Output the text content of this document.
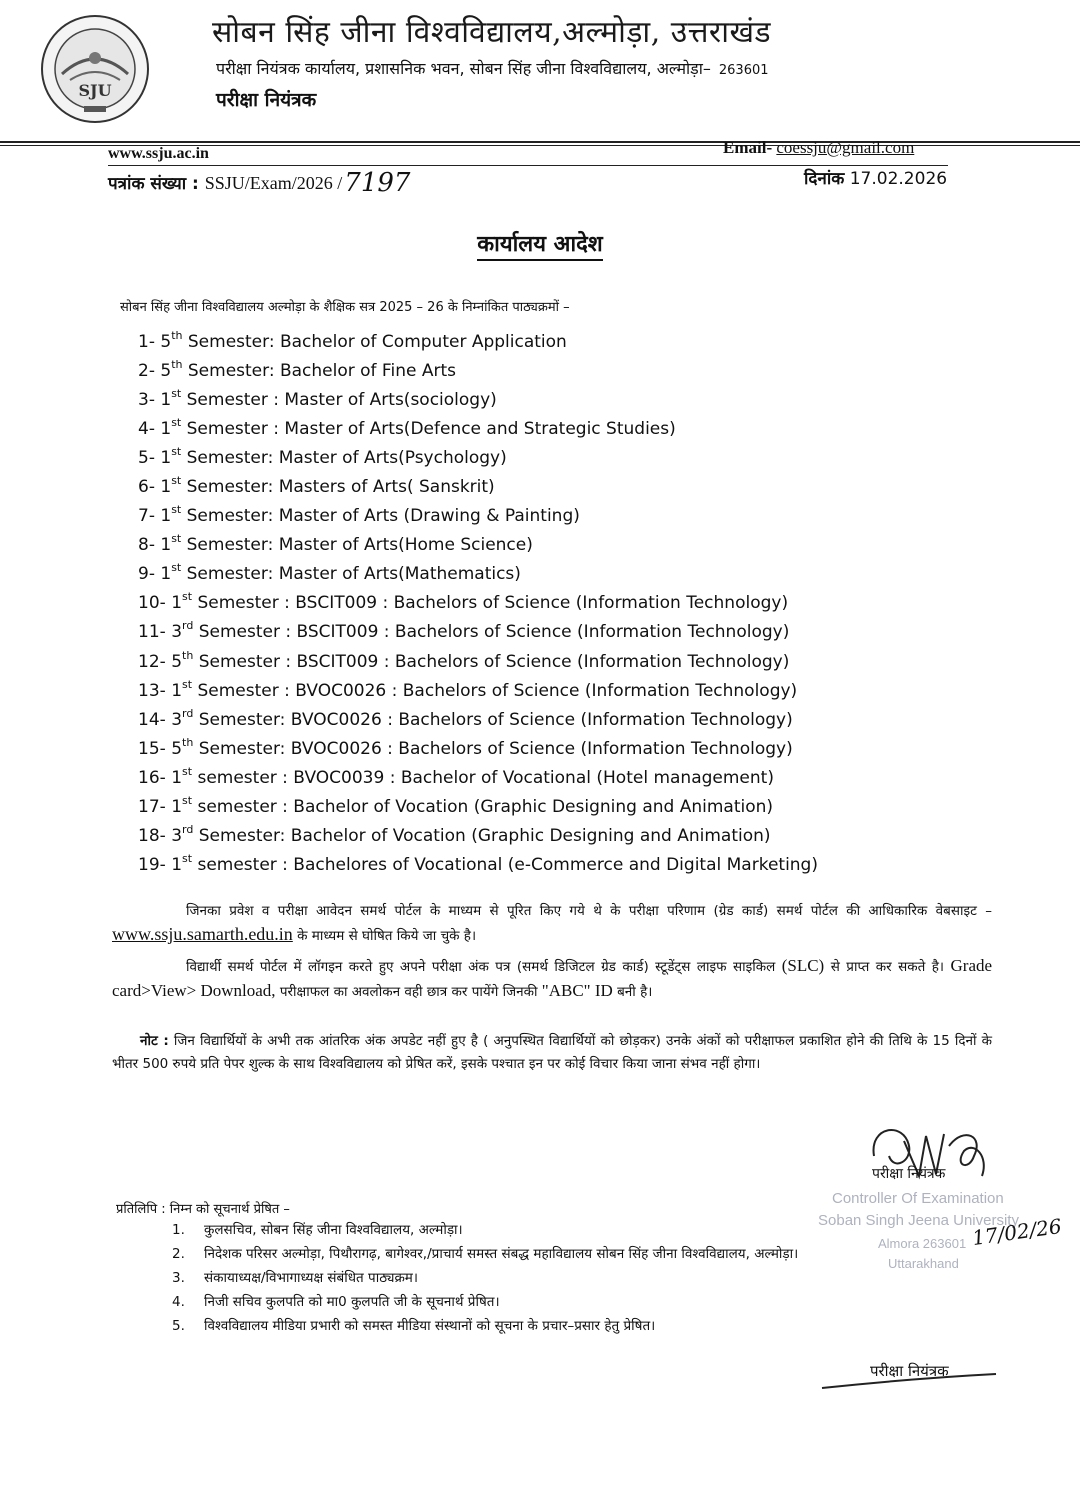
SJU
सोबन सिंह जीना विश्वविद्यालय,अल्मोड़ा, उत्तराखंड
परीक्षा नियंत्रक कार्यालय, प्रशासनिक भवन, सोबन सिंह जीना विश्वविद्यालय, अल्मोड़ा– 263601
परीक्षा नियंत्रक
www.ssju.ac.in	Email- coessju@gmail.com
पत्रांक संख्या : SSJU/Exam/2026 /7197	दिनांक 17.02.2026
कार्यालय आदेश
सोबन सिंह जीना विश्वविद्यालय अल्मोड़ा के शैक्षिक सत्र 2025 – 26 के निम्नांकित पाठ्यक्रमों –
1- 5th Semester: Bachelor of Computer Application
2- 5th Semester: Bachelor of Fine Arts
3- 1st Semester : Master of Arts(sociology)
4- 1st Semester : Master of Arts(Defence and Strategic Studies)
5- 1st Semester: Master of Arts(Psychology)
6- 1st Semester: Masters of Arts( Sanskrit)
7- 1st Semester: Master of Arts (Drawing & Painting)
8- 1st Semester: Master of Arts(Home Science)
9- 1st Semester: Master of Arts(Mathematics)
10- 1st Semester : BSCIT009 : Bachelors of Science (Information Technology)
11- 3rd Semester : BSCIT009 : Bachelors of Science (Information Technology)
12- 5th Semester : BSCIT009 : Bachelors of Science (Information Technology)
13- 1st Semester : BVOC0026 : Bachelors of Science (Information Technology)
14- 3rd Semester: BVOC0026 : Bachelors of Science (Information Technology)
15- 5th Semester: BVOC0026 : Bachelors of Science (Information Technology)
16- 1st semester : BVOC0039 : Bachelor of Vocational (Hotel management)
17- 1st semester : Bachelor of Vocation (Graphic Designing and Animation)
18- 3rd Semester: Bachelor of Vocation (Graphic Designing and Animation)
19- 1st semester : Bachelores of Vocational (e-Commerce and Digital Marketing)
जिनका प्रवेश व परीक्षा आवेदन समर्थ पोर्टल के माध्यम से पूरित किए गये थे के परीक्षा परिणाम (ग्रेड कार्ड) समर्थ पोर्टल की आधिकारिक वेबसाइट – www.ssju.samarth.edu.in के माध्यम से घोषित किये जा चुके है।
विद्यार्थी समर्थ पोर्टल में लॉगइन करते हुए अपने परीक्षा अंक पत्र (समर्थ डिजिटल ग्रेड कार्ड) स्टूडेंट्स लाइफ साइकिल (SLC) से प्राप्त कर सकते है। Grade card>View> Download, परीक्षाफल का अवलोकन वही छात्र कर पायेंगे जिनकी "ABC" ID बनी है।
नोट : जिन विद्यार्थियों के अभी तक आंतरिक अंक अपडेट नहीं हुए है ( अनुपस्थित विद्यार्थियों को छोड़कर) उनके अंकों को परीक्षाफल प्रकाशित होने की तिथि के 15 दिनों के भीतर 500 रुपये प्रति पेपर शुल्क के साथ विश्वविद्यालय को प्रेषित करें, इसके पश्चात इन पर कोई विचार किया जाना संभव नहीं होगा।
परीक्षा नियंत्रक
Controller Of Examination
Soban Singh Jeena University
Almora 263601
Uttarakhand
17/02/26
प्रतिलिपि : निम्न को सूचनार्थ प्रेषित –
1. कुलसचिव, सोबन सिंह जीना विश्वविद्यालय, अल्मोड़ा।
2. निदेशक परिसर अल्मोड़ा, पिथौरागढ़, बागेश्वर,/प्राचार्य समस्त संबद्ध महाविद्यालय सोबन सिंह जीना विश्वविद्यालय, अल्मोड़ा।
3. संकायाध्यक्ष/विभागाध्यक्ष संबंधित पाठ्यक्रम।
4. निजी सचिव कुलपति को मा0 कुलपति जी के सूचनार्थ प्रेषित।
5. विश्वविद्यालय मीडिया प्रभारी को समस्त मीडिया संस्थानों को सूचना के प्रचार–प्रसार हेतु प्रेषित।
परीक्षा नियंत्रक
